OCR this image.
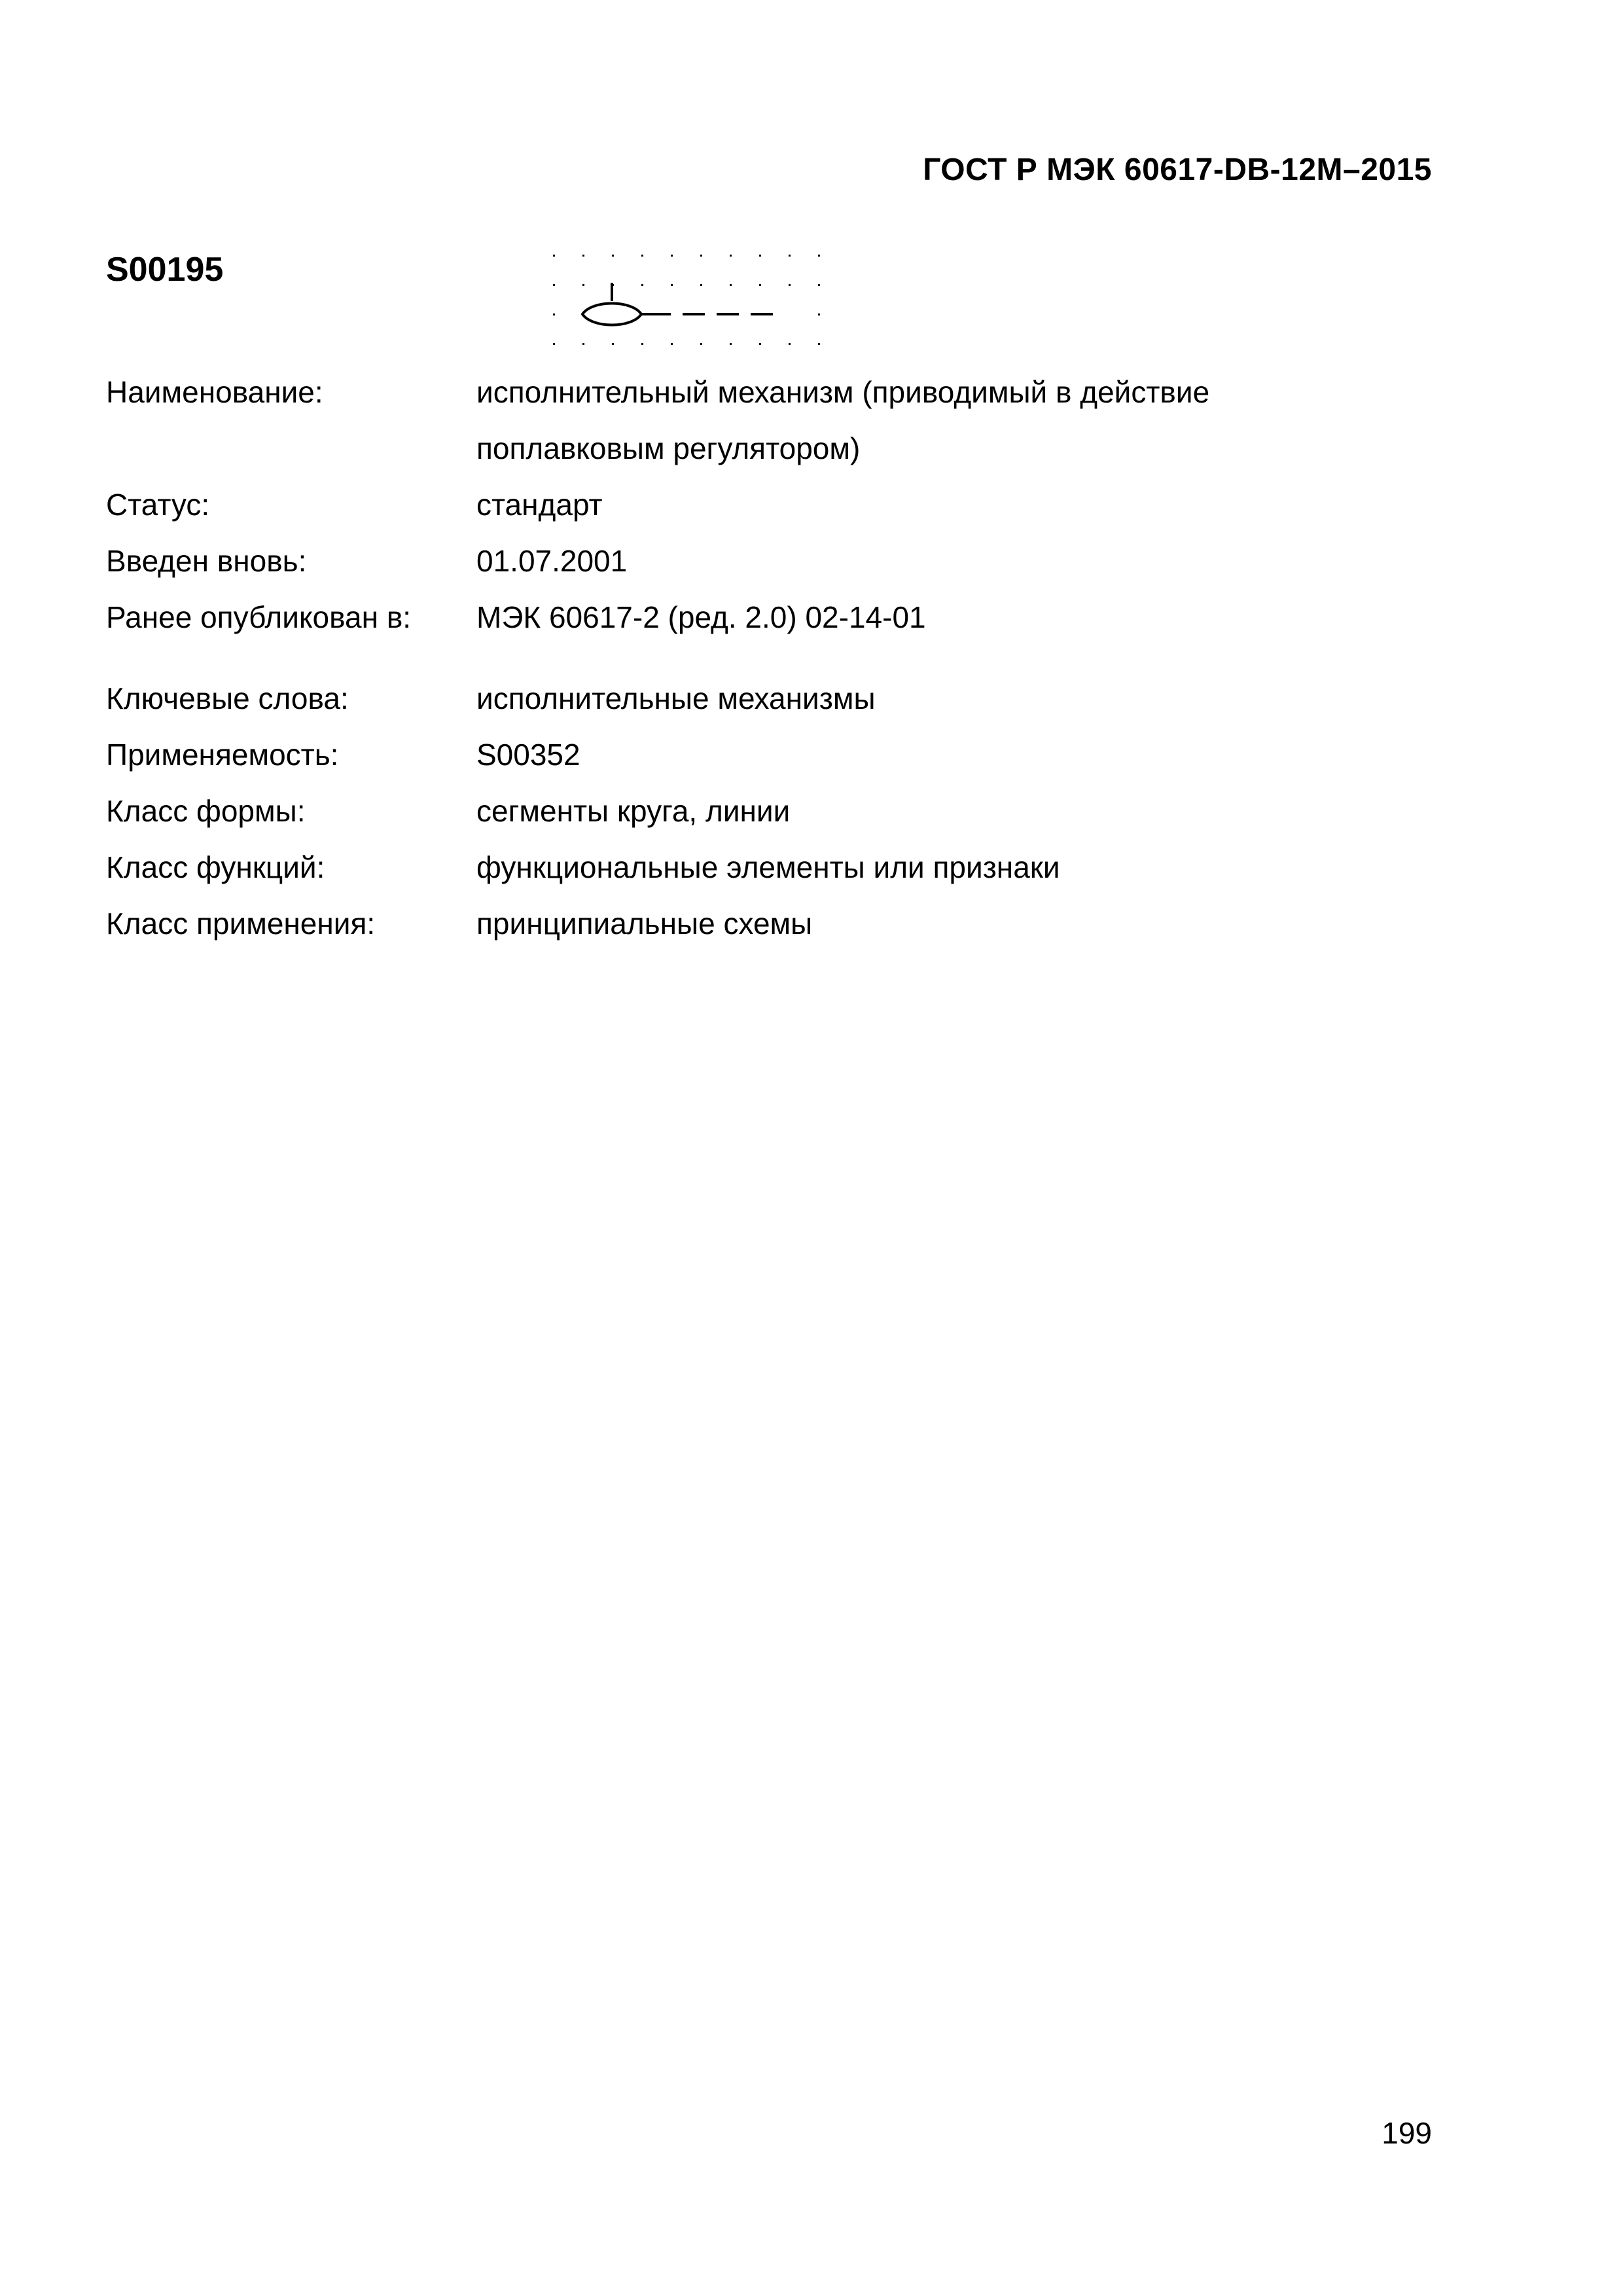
ГОСТ Р МЭК 60617-DB-12M–2015
S00195
Наименование:	исполнительный механизм (приводимый в действие
поплавковым регулятором)
Статус:	стандарт
Введен вновь:	01.07.2001
Ранее опубликован в:	МЭК 60617-2 (ред. 2.0) 02-14-01
Ключевые слова:	исполнительные механизмы
Применяемость:	S00352
Класс формы:	сегменты круга, линии
Класс функций:	функциональные элементы или признаки
Класс применения:	принципиальные схемы
199
